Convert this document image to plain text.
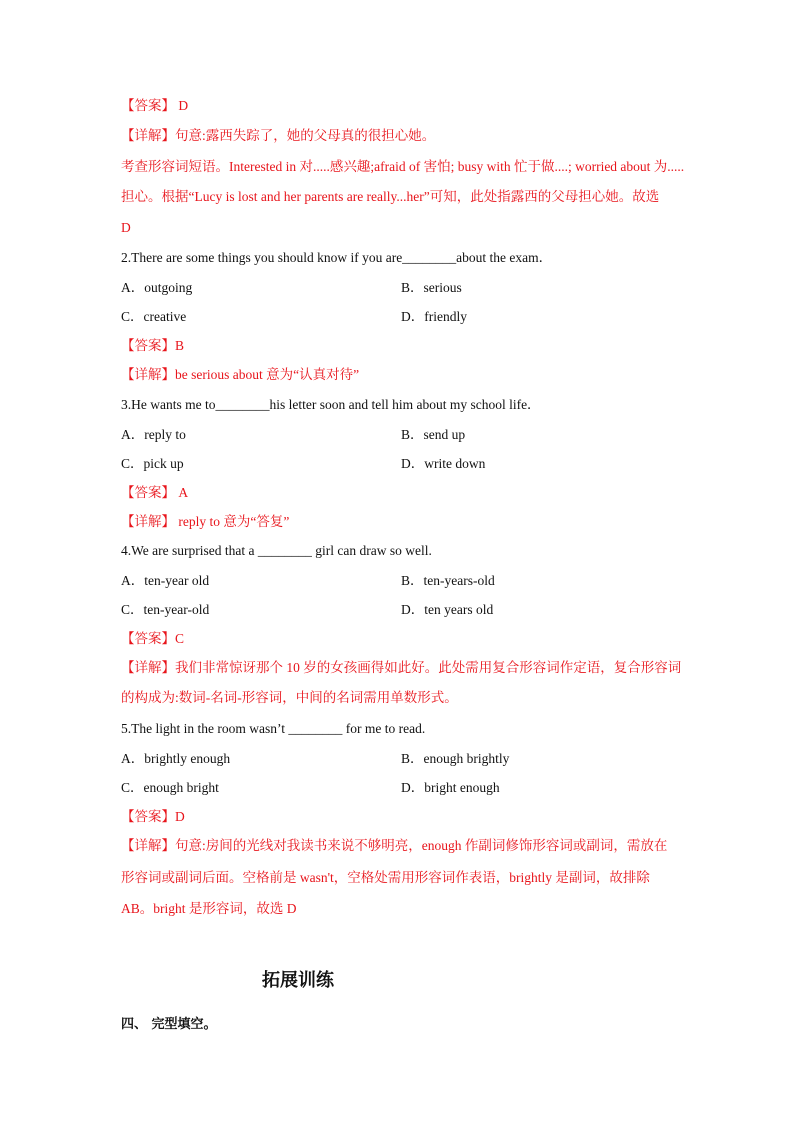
【答案】 D
【详解】句意:露西失踪了，她的父母真的很担心她。
考查形容词短语。Interested in 对.....感兴趣;afraid of 害怕; busy with 忙于做....; worried about 为.....
担心。根据“Lucy is lost and her parents are really...her”可知，此处指露西的父母担心她。故选
D
2.There are some things you should know if you are________about the exam．
A．outgoing	B．serious
C．creative	D．friendly
【答案】B
【详解】be serious about 意为“认真对待”
3.He wants me to________his letter soon and tell him about my school life．
A．reply to	B．send up
C．pick up	D．write down
【答案】 A
【详解】 reply to 意为“答复”
4.We are surprised that a ________ girl can draw so well.
A．ten-year old	B．ten-years-old
C．ten-year-old	D．ten years old
【答案】C
【详解】我们非常惊讶那个 10 岁的女孩画得如此好。此处需用复合形容词作定语，复合形容词
的构成为:数词-名词-形容词，中间的名词需用单数形式。
5.The light in the room wasn’t ________ for me to read.
A．brightly enough	B．enough brightly
C．enough bright	D．bright enough
【答案】D
【详解】句意:房间的光线对我读书来说不够明亮，enough 作副词修饰形容词或副词，需放在
形容词或副词后面。空格前是 wasn't，空格处需用形容词作表语，brightly 是副词，故排除
AB。bright 是形容词，故选 D
拓展训练
四、 完型填空。
